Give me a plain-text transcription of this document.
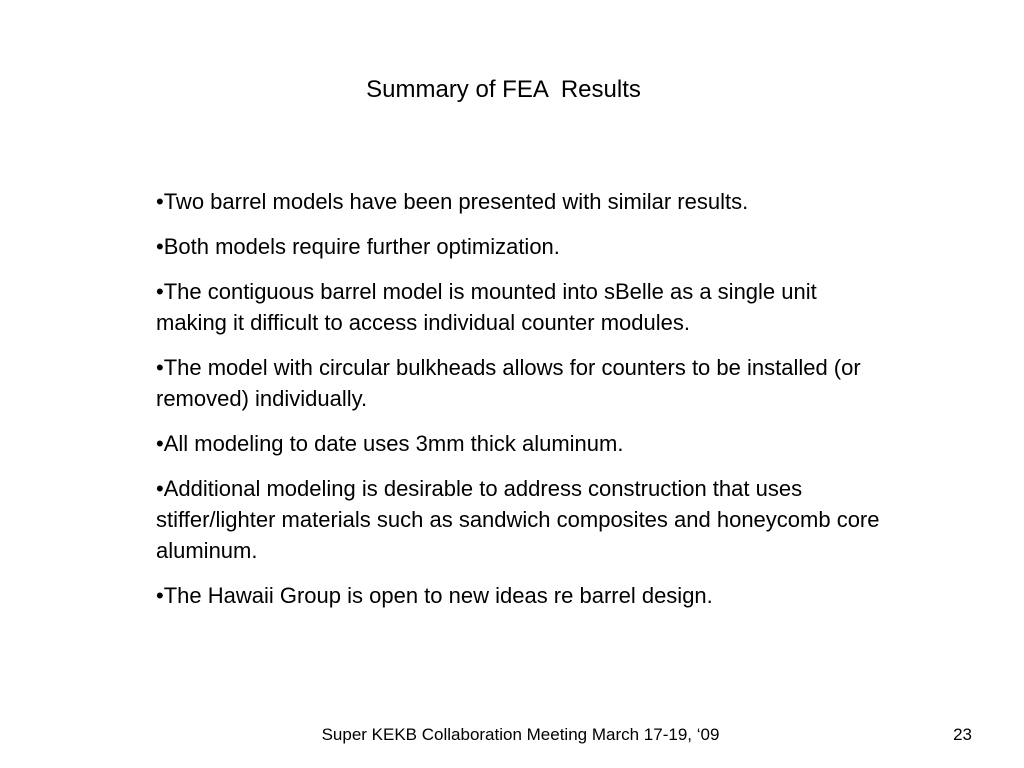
Summary of FEA  Results
•Two barrel models have been presented with similar results.
•Both models require further optimization.
•The contiguous barrel model is mounted into sBelle as a single unit making it difficult to access individual counter modules.
•The model with circular bulkheads allows for counters to be installed (or removed) individually.
•All modeling to date uses 3mm thick aluminum.
•Additional modeling is desirable to address construction that uses stiffer/lighter materials such as sandwich composites and honeycomb core aluminum.
•The Hawaii Group is open to new ideas re barrel design.
Super KEKB Collaboration Meeting March 17-19, ‘09	23
